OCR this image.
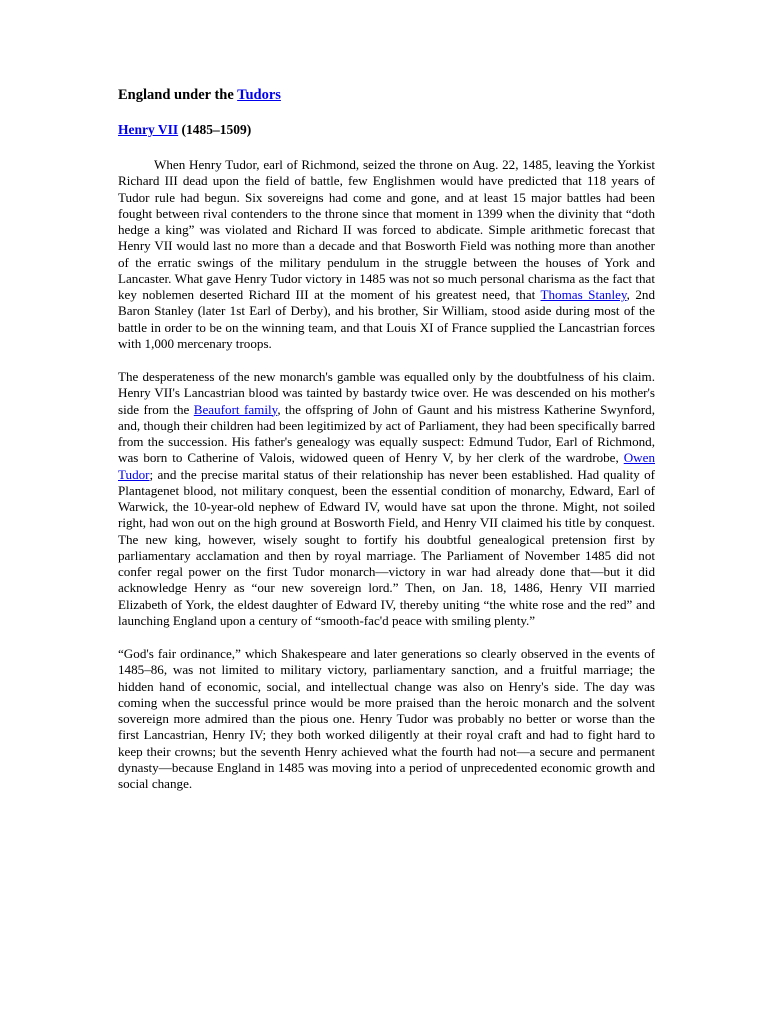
England under the Tudors
Henry VII (1485–1509)

When Henry Tudor, earl of Richmond, seized the throne on Aug. 22, 1485, leaving the Yorkist Richard III dead upon the field of battle, few Englishmen would have predicted that 118 years of Tudor rule had begun. Six sovereigns had come and gone, and at least 15 major battles had been fought between rival contenders to the throne since that moment in 1399 when the divinity that “doth hedge a king” was violated and Richard II was forced to abdicate. Simple arithmetic forecast that Henry VII would last no more than a decade and that Bosworth Field was nothing more than another of the erratic swings of the military pendulum in the struggle between the houses of York and Lancaster. What gave Henry Tudor victory in 1485 was not so much personal charisma as the fact that key noblemen deserted Richard III at the moment of his greatest need, that Thomas Stanley, 2nd Baron Stanley (later 1st Earl of Derby), and his brother, Sir William, stood aside during most of the battle in order to be on the winning team, and that Louis XI of France supplied the Lancastrian forces with 1,000 mercenary troops.

The desperateness of the new monarch's gamble was equalled only by the doubtfulness of his claim. Henry VII's Lancastrian blood was tainted by bastardy twice over. He was descended on his mother's side from the Beaufort family, the offspring of John of Gaunt and his mistress Katherine Swynford, and, though their children had been legitimized by act of Parliament, they had been specifically barred from the succession. His father's genealogy was equally suspect: Edmund Tudor, Earl of Richmond, was born to Catherine of Valois, widowed queen of Henry V, by her clerk of the wardrobe, Owen Tudor; and the precise marital status of their relationship has never been established. Had quality of Plantagenet blood, not military conquest, been the essential condition of monarchy, Edward, Earl of Warwick, the 10-year-old nephew of Edward IV, would have sat upon the throne. Might, not soiled right, had won out on the high ground at Bosworth Field, and Henry VII claimed his title by conquest. The new king, however, wisely sought to fortify his doubtful genealogical pretension first by parliamentary acclamation and then by royal marriage. The Parliament of November 1485 did not confer regal power on the first Tudor monarch—victory in war had already done that—but it did acknowledge Henry as “our new sovereign lord.” Then, on Jan. 18, 1486, Henry VII married Elizabeth of York, the eldest daughter of Edward IV, thereby uniting “the white rose and the red” and launching England upon a century of “smooth-fac'd peace with smiling plenty.”

“God's fair ordinance,” which Shakespeare and later generations so clearly observed in the events of 1485–86, was not limited to military victory, parliamentary sanction, and a fruitful marriage; the hidden hand of economic, social, and intellectual change was also on Henry's side. The day was coming when the successful prince would be more praised than the heroic monarch and the solvent sovereign more admired than the pious one. Henry Tudor was probably no better or worse than the first Lancastrian, Henry IV; they both worked diligently at their royal craft and had to fight hard to keep their crowns; but the seventh Henry achieved what the fourth had not—a secure and permanent dynasty—because England in 1485 was moving into a period of unprecedented economic growth and social change.
